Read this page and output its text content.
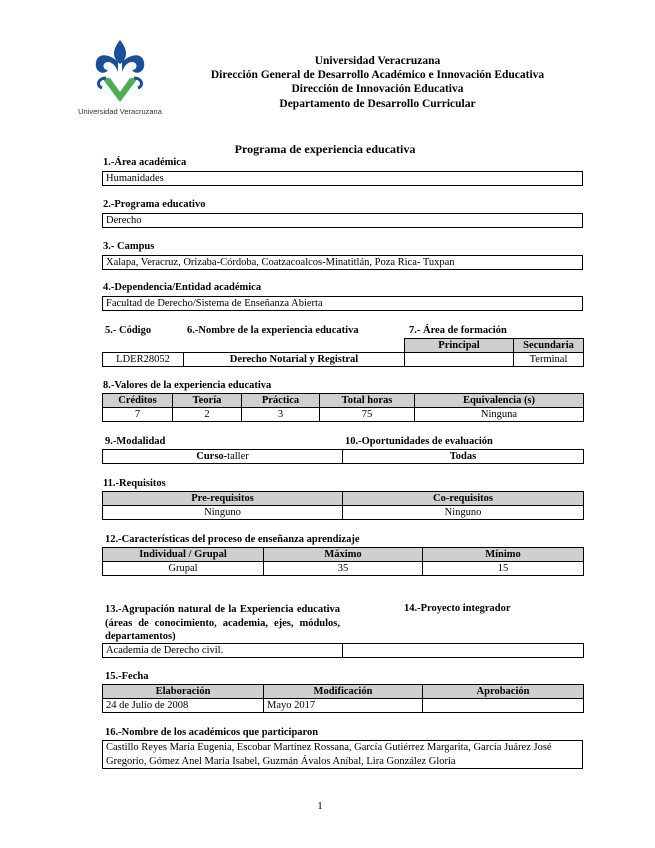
Universidad Veracruzana
Universidad Veracruzana
Dirección General de Desarrollo Académico e Innovación Educativa
Dirección de Innovación Educativa
Departamento de Desarrollo Curricular
Programa de experiencia educativa
1.-Área académica
Humanidades
2.-Programa educativo
Derecho
3.- Campus
Xalapa, Veracruz, Orizaba-Córdoba, Coatzacoalcos-Minatitlán, Poza Rica- Tuxpan
4.-Dependencia/Entidad académica
Facultad de Derecho/Sistema de Enseñanza Abierta
5.- Código	6.-Nombre de la experiencia educativa	7.- Área de formación
		Principal	Secundaria
LDER28052	Derecho Notarial y Registral		Terminal
8.-Valores de la experiencia educativa
Créditos	Teoría	Práctica	Total horas	Equivalencia (s)
7	2	3	75	Ninguna
9.-Modalidad	10.-Oportunidades de evaluación
Curso-taller	Todas
11.-Requisitos
Pre-requisitos	Co-requisitos
Ninguno	Ninguno
12.-Características del proceso de enseñanza aprendizaje
Individual / Grupal	Máximo	Mínimo
Grupal	35	15
13.-Agrupación natural de la Experiencia educativa (áreas de conocimiento, academia, ejes, módulos, departamentos)
14.-Proyecto integrador
Academia de Derecho civil.	
15.-Fecha
Elaboración	Modificación	Aprobación
24 de Julio de 2008	Mayo 2017	
16.-Nombre de los académicos que participaron
Castillo Reyes María Eugenia, Escobar Martínez Rossana, García Gutiérrez Margarita, García Juárez José Gregorio, Gómez Anel María Isabel, Guzmán Ávalos Aníbal, Lira González Gloria
1
